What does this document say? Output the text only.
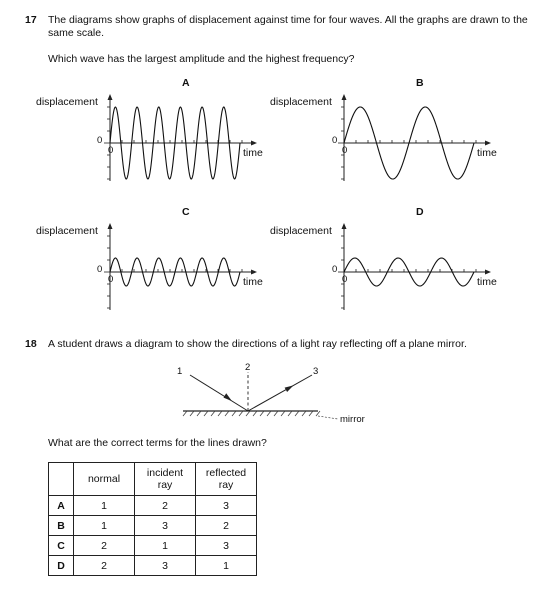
17 The diagrams show graphs of displacement against time for four waves. All the graphs are drawn to the same scale.
Which wave has the largest amplitude and the highest frequency?
A
displacement
0
0	time
B
displacement
0
0	time
C
displacement
0
0	time
D
displacement
0
0	time
18 A student draws a diagram to show the directions of a light ray reflecting off a plane mirror.
1	2	3
mirror
What are the correct terms for the lines drawn?
	normal	incident ray	reflected ray

A	1	2	3
B	1	3	2
C	2	1	3
D	2	3	1
